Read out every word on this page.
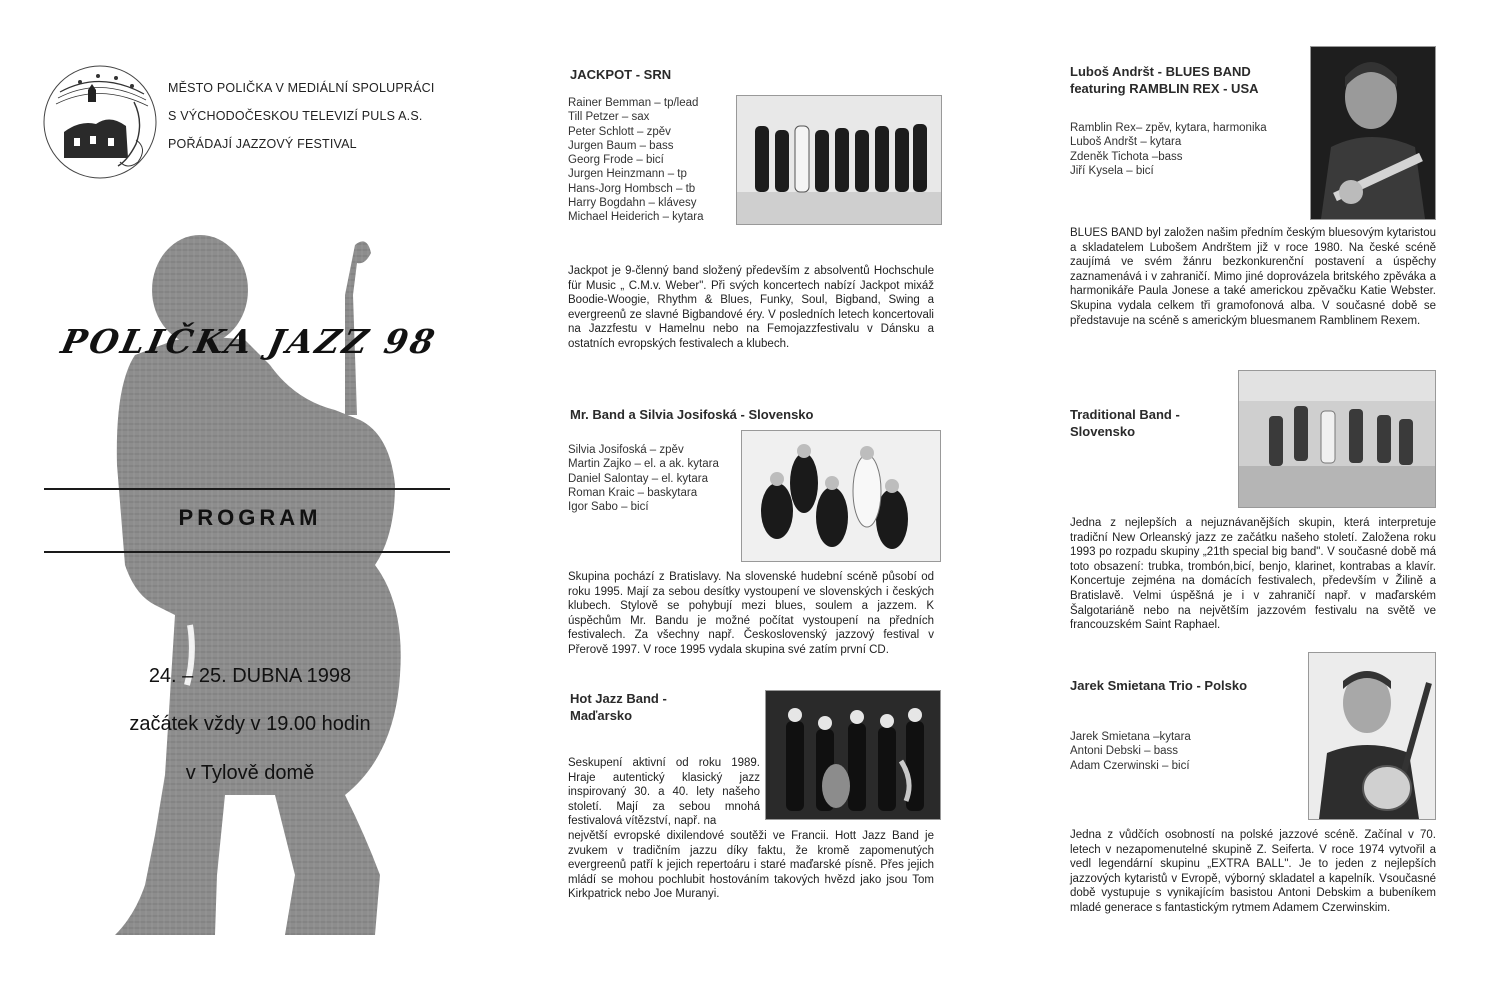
MĚSTO POLIČKA V MEDIÁLNÍ SPOLUPRÁCI
S VÝCHODOČESKOU TELEVIZÍ PULS A.S.
POŘÁDAJÍ JAZZOVÝ FESTIVAL
POLIČKA JAZZ 98
PROGRAM
24. – 25. DUBNA 1998
začátek vždy v 19.00 hodin
v Tylově domě
JACKPOT - SRN
Rainer Bemman – tp/lead
Till Petzer – sax
Peter Schlott – zpěv
Jurgen Baum – bass
Georg Frode – bicí
Jurgen Heinzmann – tp
Hans-Jorg Hombsch – tb
Harry Bogdahn – klávesy
Michael Heiderich – kytara
Jackpot je 9-členný band složený především z absolventů Hochschule für Music „ C.M.v. Weber". Při svých koncertech nabízí Jackpot mixáž Boodie-Woogie, Rhythm & Blues, Funky, Soul, Bigband, Swing a evergreenů ze slavné Bigbandové éry. V posledních letech koncertovali na Jazzfestu v Hamelnu nebo na Femojazzfestivalu v Dánsku a ostatních evropských festivalech a klubech.
Mr. Band a Silvia Josifoská - Slovensko
Silvia Josifoská – zpěv
Martin Zajko – el. a ak. kytara
Daniel Salontay – el. kytara
Roman Kraic – baskytara
Igor Sabo – bicí
Skupina pochází z Bratislavy. Na slovenské hudební scéně působí od roku 1995. Mají za sebou desítky vystoupení ve slovenských i českých klubech. Stylově se pohybují mezi blues, soulem a jazzem. K úspěchům Mr. Bandu je možné počítat vystoupení na předních festivalech. Za všechny např. Československý jazzový festival v Přerově 1997. V roce 1995 vydala skupina své zatím první CD.
Hot Jazz Band -
Maďarsko
Seskupení aktivní od roku 1989. Hraje autentický klasický jazz inspirovaný 30. a 40. lety našeho století. Mají za sebou mnohá festivalová vítězství, např. na
největší evropské dixilendové soutěži ve Francii. Hott Jazz Band je zvukem v tradičním jazzu díky faktu, že kromě zapomenutých evergreenů patří k jejich repertoáru i staré maďarské písně. Přes jejich mládí se mohou pochlubit hostováním takových hvězd jako jsou Tom Kirkpatrick nebo Joe Muranyi.
Luboš Andršt - BLUES BAND
featuring RAMBLIN REX - USA
Ramblin Rex– zpěv, kytara, harmonika
Luboš Andršt – kytara
Zdeněk Tichota –bass
Jiří Kysela – bicí
BLUES BAND byl založen našim předním českým bluesovým kytaristou a skladatelem Lubošem Andrštem již v roce 1980. Na české scéně zaujímá ve svém žánru bezkonkurenční postavení a úspěchy zaznamenává i v zahraničí. Mimo jiné doprovázela britského zpěváka a harmonikáře Paula Jonese a také americkou zpěvačku Katie Webster. Skupina vydala celkem tři gramofonová alba. V současné době se představuje na scéně s americkým bluesmanem Ramblinem Rexem.
Traditional Band -
Slovensko
Jedna z nejlepších a nejuznávanějších skupin, která interpretuje tradiční New Orleanský jazz ze začátku našeho století. Založena roku 1993 po rozpadu skupiny „21th special big band". V současné době má toto obsazení: trubka, trombón,bicí, benjo, klarinet, kontrabas a klavír. Koncertuje zejména na domácích festivalech, především v Žilině a Bratislavě. Velmi úspěšná je i v zahraničí např. v maďarském Šalgotariáně nebo na největším jazzovém festivalu na světě ve francouzském Saint Raphael.
Jarek Smietana Trio - Polsko
Jarek Smietana –kytara
Antoni Debski – bass
Adam Czerwinski – bicí
Jedna z vůdčích osobností na polské jazzové scéně. Začínal v 70. letech v nezapomenutelné skupině Z. Seiferta. V roce 1974 vytvořil a vedl legendární skupinu „EXTRA BALL". Je to jeden z nejlepších jazzových kytaristů v Evropě, výborný skladatel a kapelník. Vsoučasné době vystupuje s vynikajícím basistou Antoni Debskim a bubeníkem mladé generace s fantastickým rytmem Adamem Czerwinskim.
